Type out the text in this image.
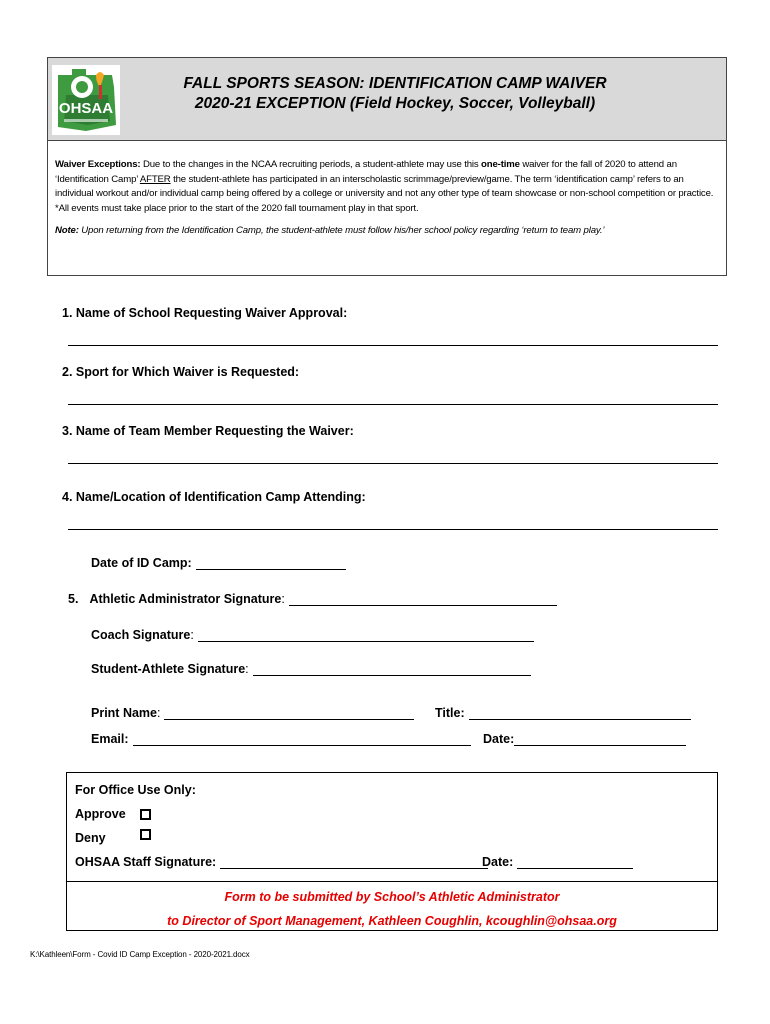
OHSAA
FALL SPORTS SEASON: IDENTIFICATION CAMP WAIVER
2020-21 EXCEPTION (Field Hockey, Soccer, Volleyball)

Waiver Exceptions: Due to the changes in the NCAA recruiting periods, a student-athlete may use this one-time waiver for the fall of 2020 to attend an ‘Identification Camp’ AFTER the student-athlete has participated in an interscholastic scrimmage/preview/game. The term ‘identification camp’ refers to an individual workout and/or individual camp being offered by a college or university and not any other type of team showcase or non-school competition or practice.

*All events must take place prior to the start of the 2020 fall tournament play in that sport.

Note: Upon returning from the Identification Camp, the student-athlete must follow his/her school policy regarding ‘return to team play.’

1. Name of School Requesting Waiver Approval:
2. Sport for Which Waiver is Requested:
3. Name of Team Member Requesting the Waiver:
4. Name/Location of Identification Camp Attending:
Date of ID Camp:
5. Athletic Administrator Signature :
Coach Signature :
Student-Athlete Signature :
Print Name :	Title:
Email:	Date:
For Office Use Only:
Approve
Deny
OHSAA Staff Signature:	Date:
Form to be submitted by School’s Athletic Administrator
to Director of Sport Management, Kathleen Coughlin, kcoughlin@ohsaa.org
K:\Kathleen\Form - Covid ID Camp Exception - 2020-2021.docx
